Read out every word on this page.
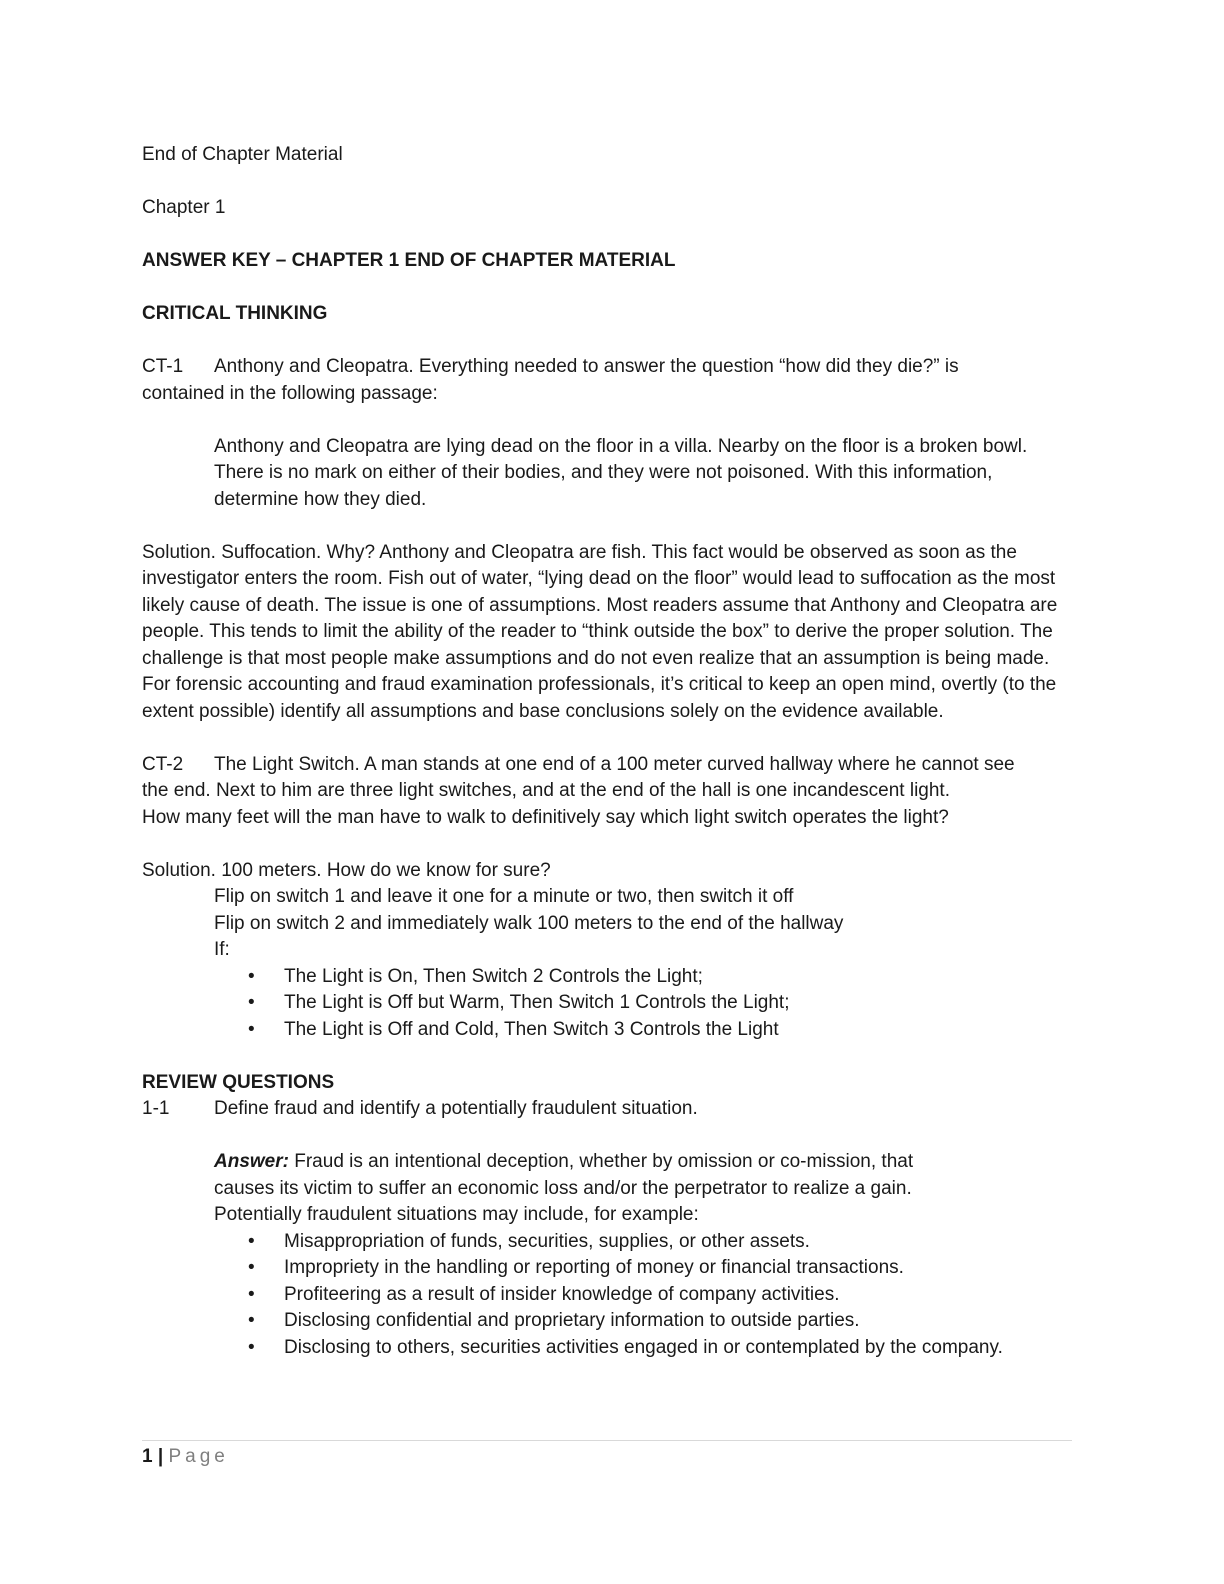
End of Chapter Material

Chapter 1

ANSWER KEY – CHAPTER 1 END OF CHAPTER MATERIAL

CRITICAL THINKING

CT-1 Anthony and Cleopatra. Everything needed to answer the question “how did they die?” is

contained in the following passage:

Anthony and Cleopatra are lying dead on the floor in a villa. Nearby on the floor is a broken bowl. There is no mark on either of their bodies, and they were not poisoned. With this information, determine how they died.

Solution. Suffocation. Why? Anthony and Cleopatra are fish. This fact would be observed as soon as the investigator enters the room. Fish out of water, “lying dead on the floor” would lead to suffocation as the most likely cause of death. The issue is one of assumptions. Most readers assume that Anthony and Cleopatra are people. This tends to limit the ability of the reader to “think outside the box” to derive the proper solution. The challenge is that most people make assumptions and do not even realize that an assumption is being made. For forensic accounting and fraud examination professionals, it’s critical to keep an open mind, overtly (to the extent possible) identify all assumptions and base conclusions solely on the evidence available.

CT-2 The Light Switch. A man stands at one end of a 100 meter curved hallway where he cannot see

the end. Next to him are three light switches, and at the end of the hall is one incandescent light.

How many feet will the man have to walk to definitively say which light switch operates the light?

Solution. 100 meters. How do we know for sure?

Flip on switch 1 and leave it one for a minute or two, then switch it off

Flip on switch 2 and immediately walk 100 meters to the end of the hallway

If:

• The Light is On, Then Switch 2 Controls the Light;
• The Light is Off but Warm, Then Switch 1 Controls the Light;
• The Light is Off and Cold, Then Switch 3 Controls the Light

REVIEW QUESTIONS

1-1 Define fraud and identify a potentially fraudulent situation.

Answer: Fraud is an intentional deception, whether by omission or co-mission, that

causes its victim to suffer an economic loss and/or the perpetrator to realize a gain.

Potentially fraudulent situations may include, for example:

• Misappropriation of funds, securities, supplies, or other assets.
• Impropriety in the handling or reporting of money or financial transactions.
• Profiteering as a result of insider knowledge of company activities.
• Disclosing confidential and proprietary information to outside parties.
• Disclosing to others, securities activities engaged in or contemplated by the company.
1 | Page
